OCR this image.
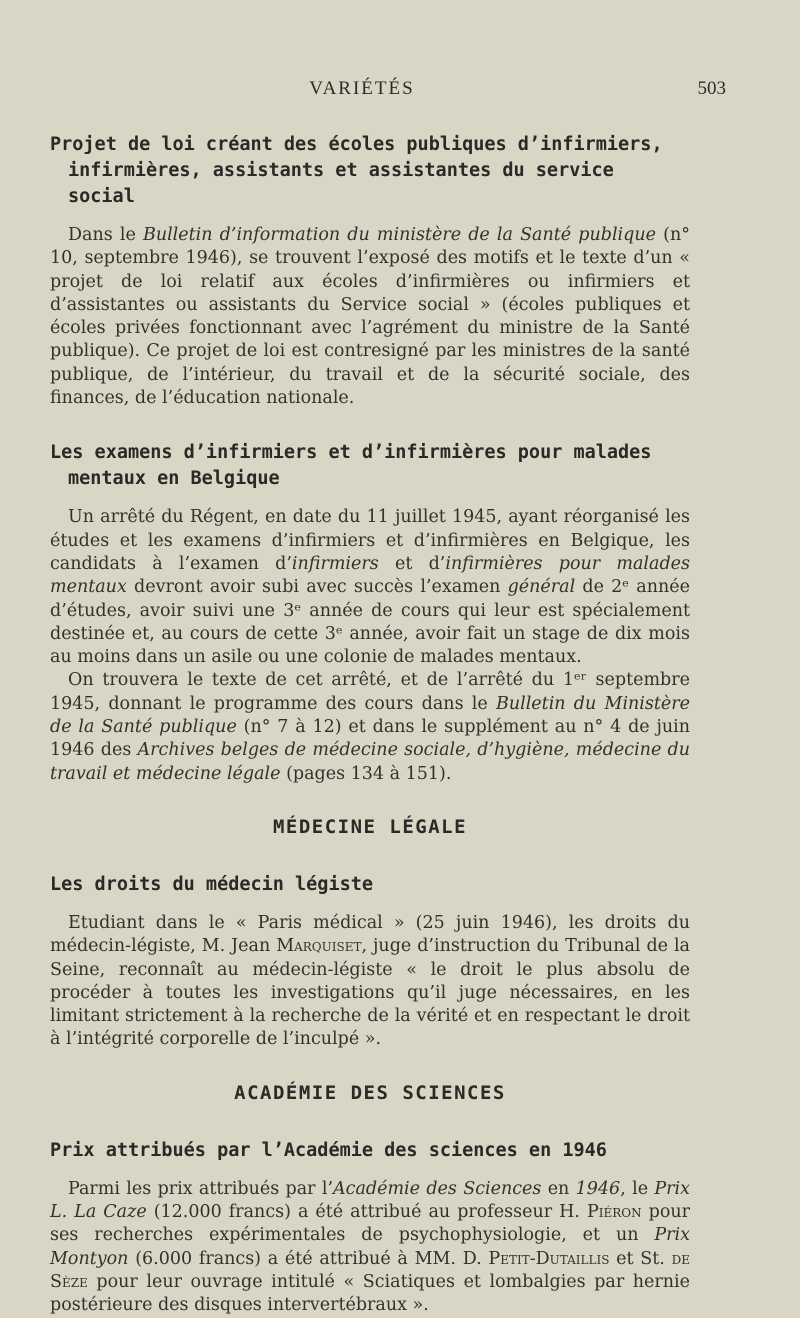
VARIÉTÉS	503
Projet de loi créant des écoles publiques d’infirmiers, infirmières, assistants et assistantes du service social

Dans le Bulletin d’information du ministère de la Santé publique (n° 10, septembre 1946), se trouvent l’exposé des motifs et le texte d’un « projet de loi relatif aux écoles d’infirmières ou infirmiers et d’assistantes ou assistants du Service social » (écoles publiques et écoles privées fonctionnant avec l’agrément du ministre de la Santé publique). Ce projet de loi est contresigné par les ministres de la santé publique, de l’intérieur, du travail et de la sécurité sociale, des finances, de l’éducation nationale.

Les examens d’infirmiers et d’infirmières pour malades mentaux en Belgique

Un arrêté du Régent, en date du 11 juillet 1945, ayant réorganisé les études et les examens d’infirmiers et d’infirmières en Belgique, les candidats à l’examen d’infirmiers et d’infirmières pour malades mentaux devront avoir subi avec succès l’examen général de 2ᵉ année d’études, avoir suivi une 3ᵉ année de cours qui leur est spécialement destinée et, au cours de cette 3ᵉ année, avoir fait un stage de dix mois au moins dans un asile ou une colonie de malades mentaux.

On trouvera le texte de cet arrêté, et de l’arrêté du 1ᵉʳ septembre 1945, donnant le programme des cours dans le Bulletin du Ministère de la Santé publique (n° 7 à 12) et dans le supplément au n° 4 de juin 1946 des Archives belges de médecine sociale, d’hygiène, médecine du travail et médecine légale (pages 134 à 151).

MÉDECINE LÉGALE
Les droits du médecin légiste

Etudiant dans le « Paris médical » (25 juin 1946), les droits du médecin-légiste, M. Jean Marquiset, juge d’instruction du Tribunal de la Seine, reconnaît au médecin-légiste « le droit le plus absolu de procéder à toutes les investigations qu’il juge nécessaires, en les limitant strictement à la recherche de la vérité et en respectant le droit à l’intégrité corporelle de l’inculpé ».

ACADÉMIE DES SCIENCES
Prix attribués par l’Académie des sciences en 1946

Parmi les prix attribués par l’Académie des Sciences en 1946, le Prix L. La Caze (12.000 francs) a été attribué au professeur H. Piéron pour ses recherches expérimentales de psychophysiologie, et un Prix Montyon (6.000 francs) a été attribué à MM. D. Petit-Dutaillis et St. de Sèze pour leur ouvrage intitulé « Sciatiques et lombalgies par hernie postérieure des disques intervertébraux ».
